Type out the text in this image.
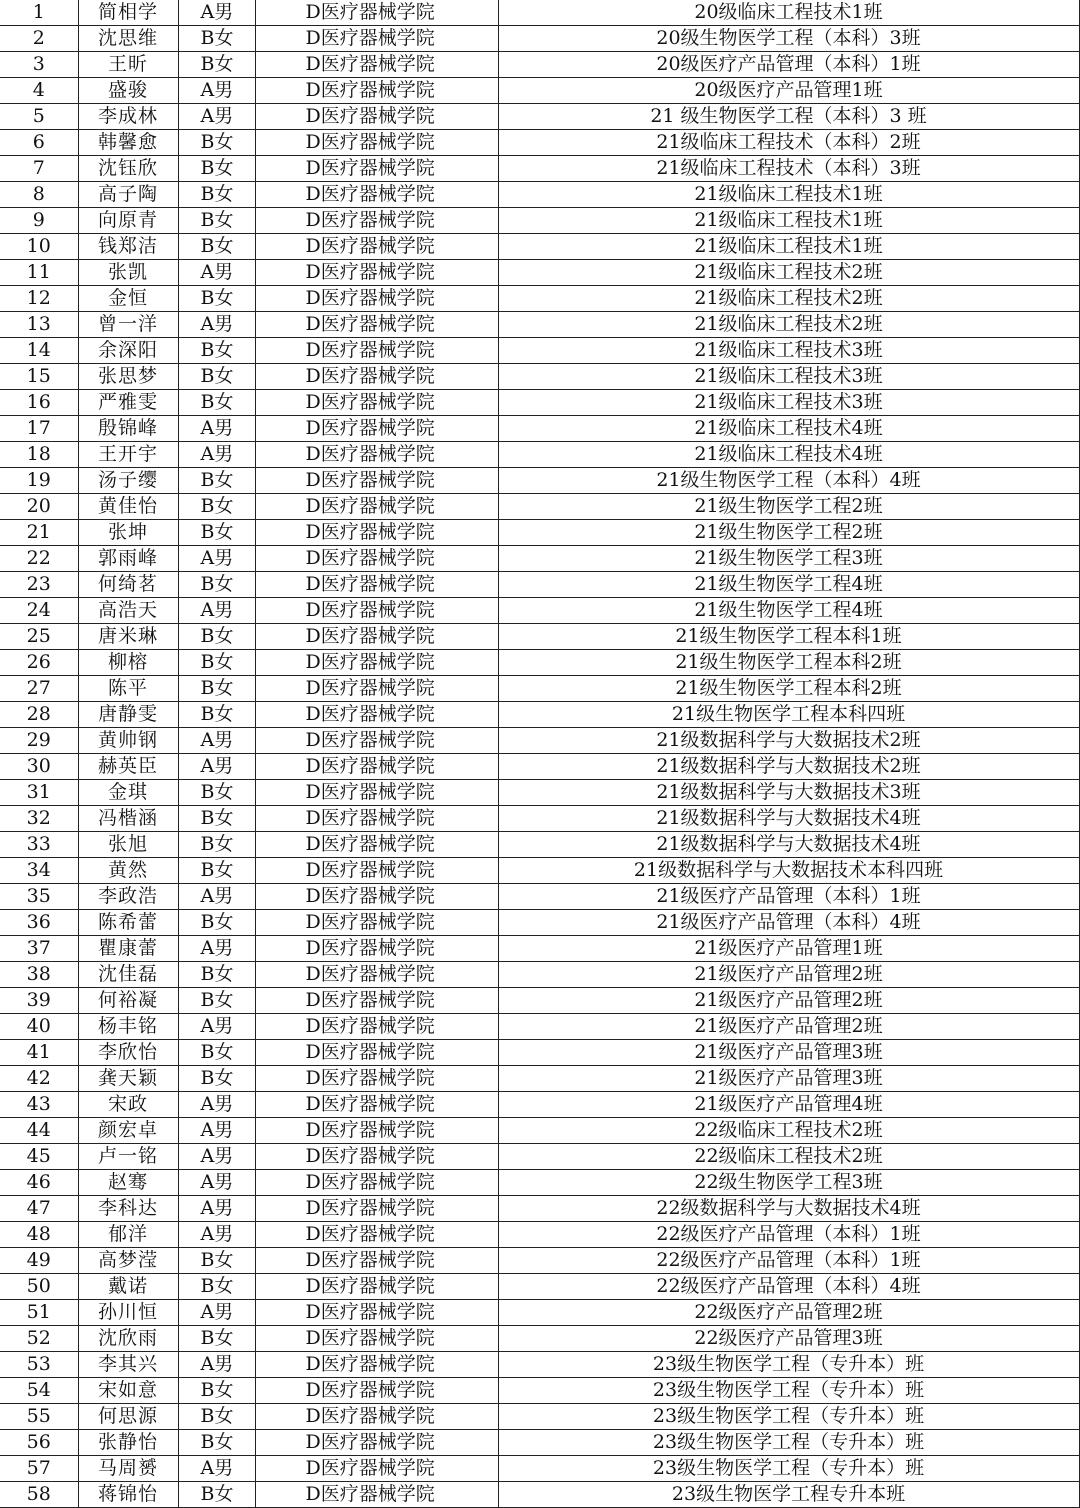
1	简相学	A男	D医疗器械学院	20级临床工程技术1班
2	沈思维	B女	D医疗器械学院	20级生物医学工程（本科）3班
3	王昕	B女	D医疗器械学院	20级医疗产品管理（本科）1班
4	盛骏	A男	D医疗器械学院	20级医疗产品管理1班
5	李成林	A男	D医疗器械学院	21 级生物医学工程（本科）3 班
6	韩馨愈	B女	D医疗器械学院	21级临床工程技术（本科）2班
7	沈钰欣	B女	D医疗器械学院	21级临床工程技术（本科）3班
8	高子陶	B女	D医疗器械学院	21级临床工程技术1班
9	向原青	B女	D医疗器械学院	21级临床工程技术1班
10	钱郑洁	B女	D医疗器械学院	21级临床工程技术1班
11	张凯	A男	D医疗器械学院	21级临床工程技术2班
12	金恒	B女	D医疗器械学院	21级临床工程技术2班
13	曾一洋	A男	D医疗器械学院	21级临床工程技术2班
14	余深阳	B女	D医疗器械学院	21级临床工程技术3班
15	张思梦	B女	D医疗器械学院	21级临床工程技术3班
16	严雅雯	B女	D医疗器械学院	21级临床工程技术3班
17	殷锦峰	A男	D医疗器械学院	21级临床工程技术4班
18	王开宇	A男	D医疗器械学院	21级临床工程技术4班
19	汤子缨	B女	D医疗器械学院	21级生物医学工程（本科）4班
20	黄佳怡	B女	D医疗器械学院	21级生物医学工程2班
21	张坤	B女	D医疗器械学院	21级生物医学工程2班
22	郭雨峰	A男	D医疗器械学院	21级生物医学工程3班
23	何绮茗	B女	D医疗器械学院	21级生物医学工程4班
24	高浩天	A男	D医疗器械学院	21级生物医学工程4班
25	唐米琳	B女	D医疗器械学院	21级生物医学工程本科1班
26	柳榕	B女	D医疗器械学院	21级生物医学工程本科2班
27	陈平	B女	D医疗器械学院	21级生物医学工程本科2班
28	唐静雯	B女	D医疗器械学院	21级生物医学工程本科四班
29	黄帅钢	A男	D医疗器械学院	21级数据科学与大数据技术2班
30	赫英臣	A男	D医疗器械学院	21级数据科学与大数据技术2班
31	金琪	B女	D医疗器械学院	21级数据科学与大数据技术3班
32	冯楷涵	B女	D医疗器械学院	21级数据科学与大数据技术4班
33	张旭	B女	D医疗器械学院	21级数据科学与大数据技术4班
34	黄然	B女	D医疗器械学院	21级数据科学与大数据技术本科四班
35	李政浩	A男	D医疗器械学院	21级医疗产品管理（本科）1班
36	陈希蕾	B女	D医疗器械学院	21级医疗产品管理（本科）4班
37	瞿康蕾	A男	D医疗器械学院	21级医疗产品管理1班
38	沈佳磊	B女	D医疗器械学院	21级医疗产品管理2班
39	何裕凝	B女	D医疗器械学院	21级医疗产品管理2班
40	杨丰铭	A男	D医疗器械学院	21级医疗产品管理2班
41	李欣怡	B女	D医疗器械学院	21级医疗产品管理3班
42	龚天颖	B女	D医疗器械学院	21级医疗产品管理3班
43	宋政	A男	D医疗器械学院	21级医疗产品管理4班
44	颜宏卓	A男	D医疗器械学院	22级临床工程技术2班
45	卢一铭	A男	D医疗器械学院	22级临床工程技术2班
46	赵骞	A男	D医疗器械学院	22级生物医学工程3班
47	李科达	A男	D医疗器械学院	22级数据科学与大数据技术4班
48	郁洋	A男	D医疗器械学院	22级医疗产品管理（本科）1班
49	高梦滢	B女	D医疗器械学院	22级医疗产品管理（本科）1班
50	戴诺	B女	D医疗器械学院	22级医疗产品管理（本科）4班
51	孙川恒	A男	D医疗器械学院	22级医疗产品管理2班
52	沈欣雨	B女	D医疗器械学院	22级医疗产品管理3班
53	李其兴	A男	D医疗器械学院	23级生物医学工程（专升本）班
54	宋如意	B女	D医疗器械学院	23级生物医学工程（专升本）班
55	何思源	B女	D医疗器械学院	23级生物医学工程（专升本）班
56	张静怡	B女	D医疗器械学院	23级生物医学工程（专升本）班
57	马周赟	A男	D医疗器械学院	23级生物医学工程（专升本）班
58	蒋锦怡	B女	D医疗器械学院	23级生物医学工程专升本班
